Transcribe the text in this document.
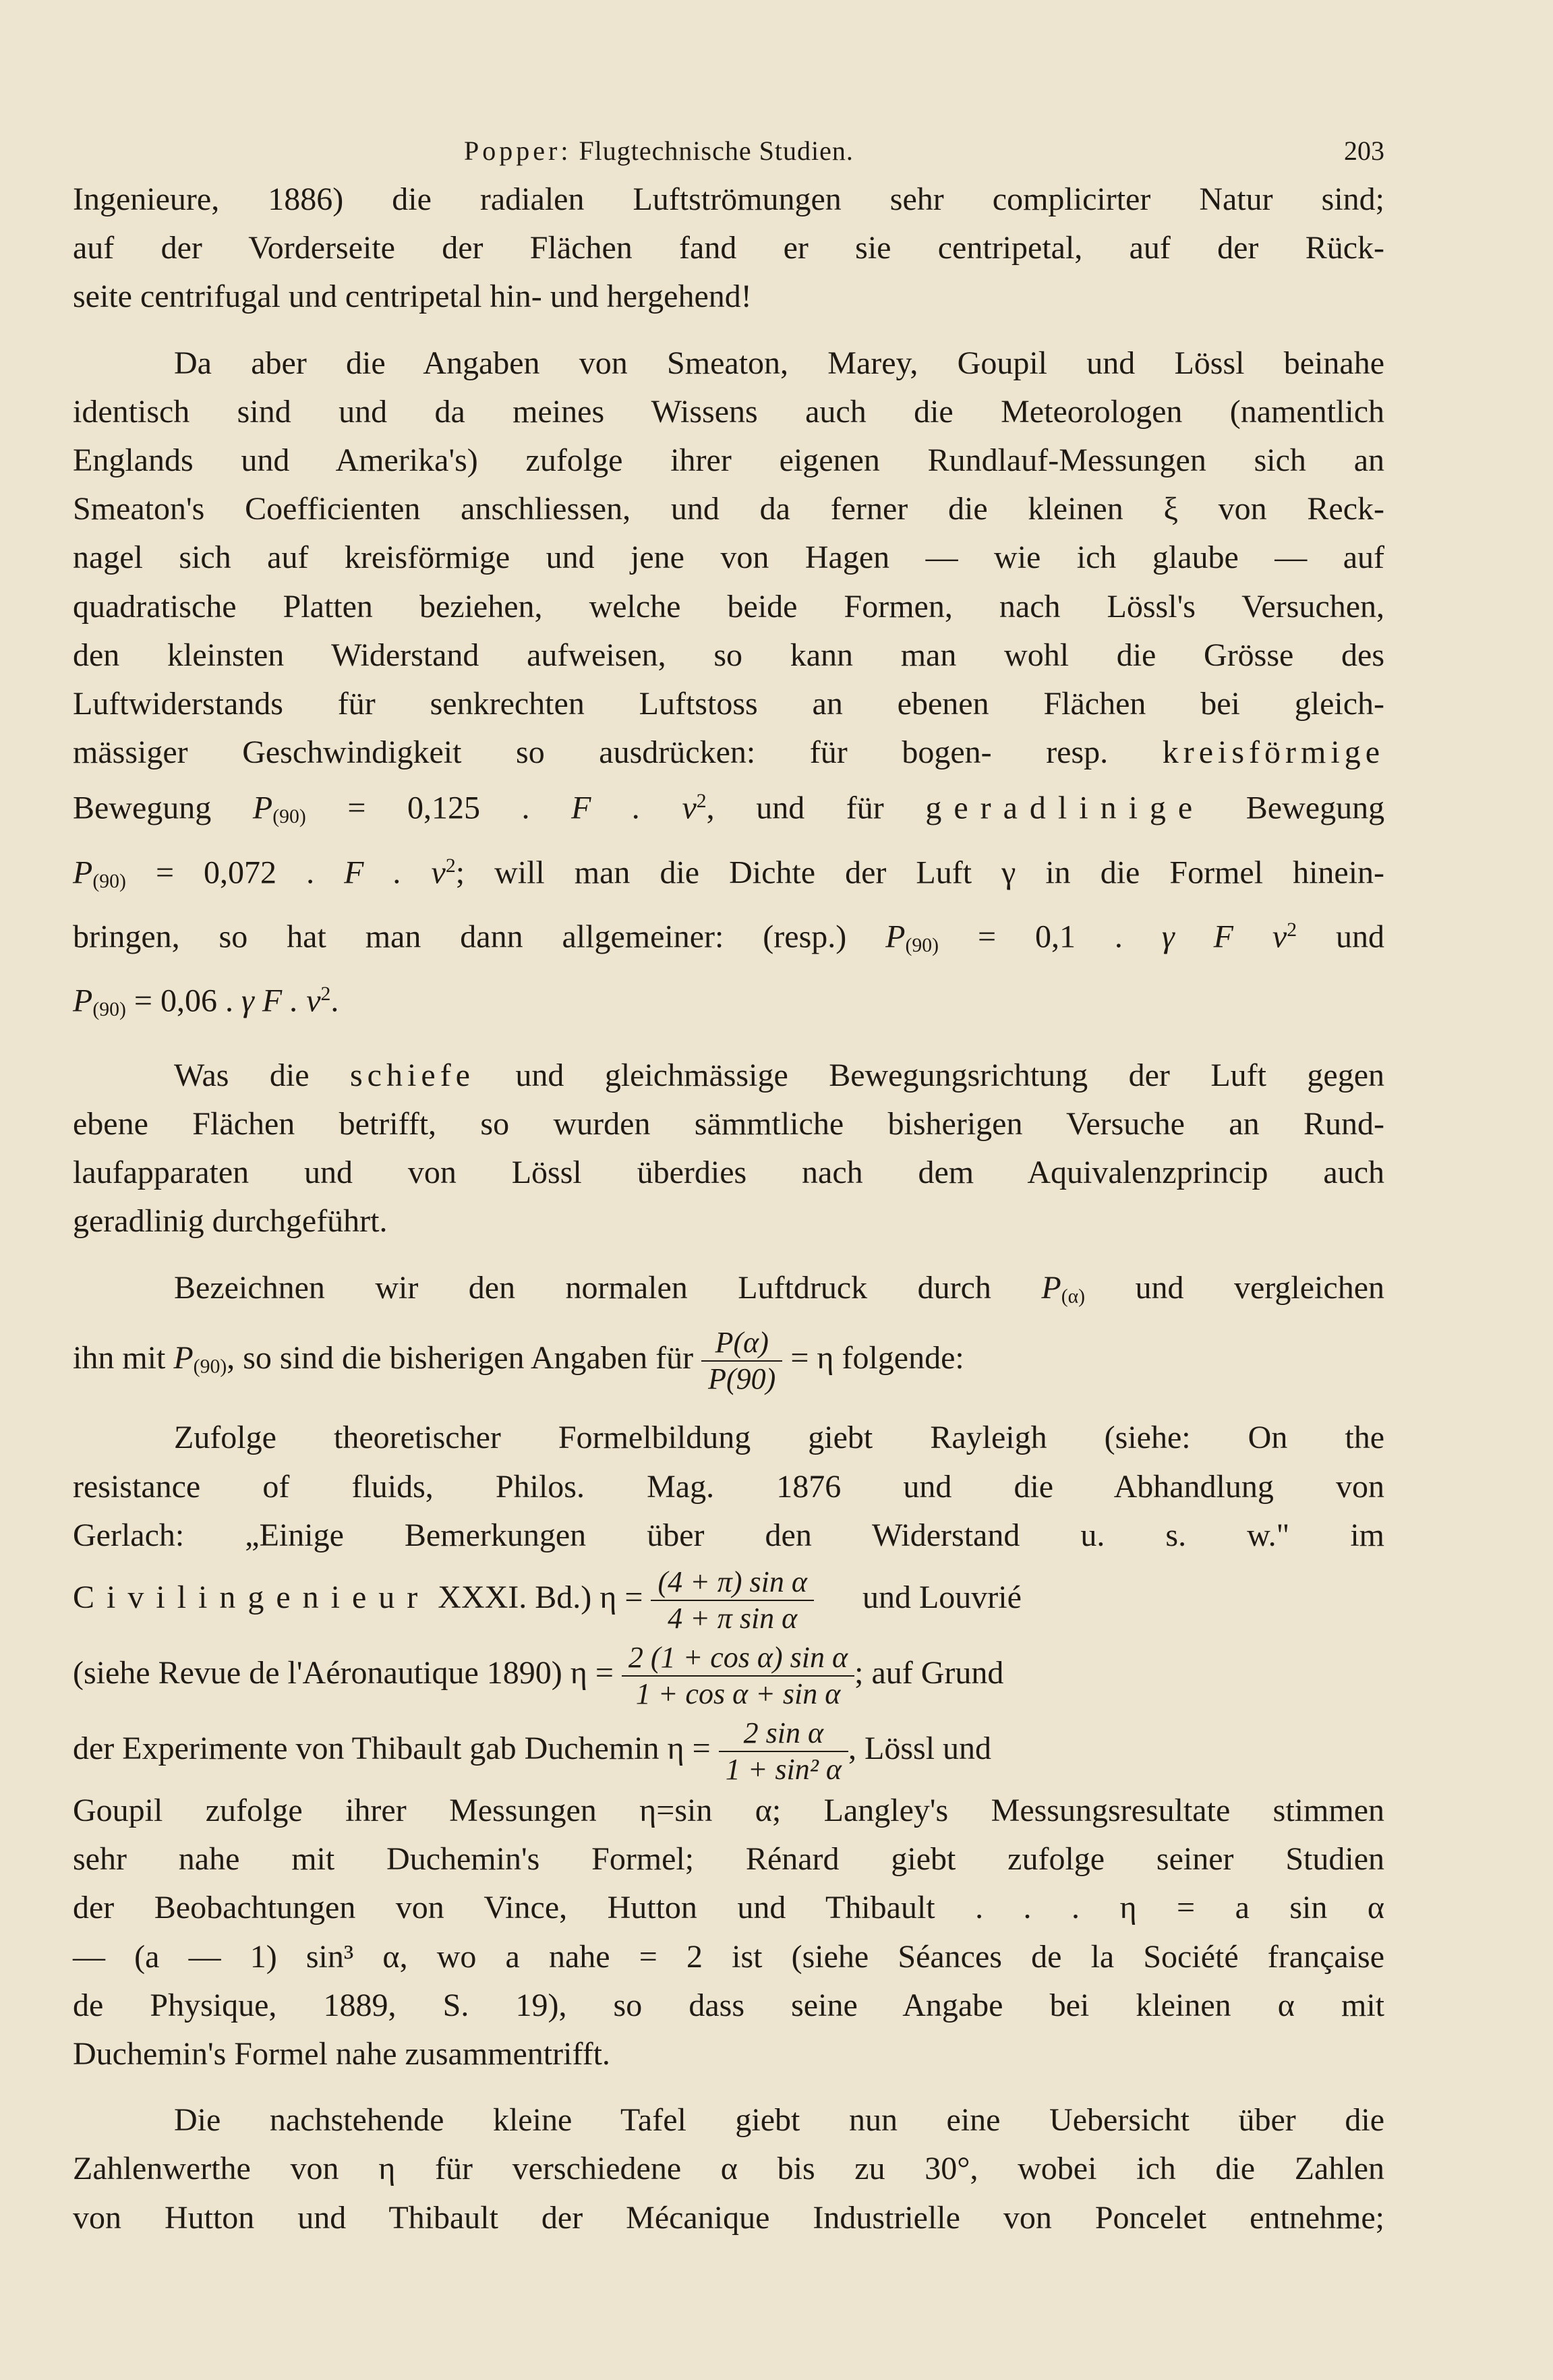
Popper: Flugtechnische Studien.	203
Ingenieure, 1886) die radialen Luftströmungen sehr complicirter Natur sind;
auf der Vorderseite der Flächen fand er sie centripetal, auf der Rück-
seite centrifugal und centripetal hin- und hergehend!
Da aber die Angaben von Smeaton, Marey, Goupil und Lössl beinahe
identisch sind und da meines Wissens auch die Meteorologen (namentlich
Englands und Amerika's) zufolge ihrer eigenen Rundlauf-Messungen sich an
Smeaton's Coefficienten anschliessen, und da ferner die kleinen ξ von Reck-
nagel sich auf kreisförmige und jene von Hagen — wie ich glaube — auf
quadratische Platten beziehen, welche beide Formen, nach Lössl's Versuchen,
den kleinsten Widerstand aufweisen, so kann man wohl die Grösse des
Luftwiderstands für senkrechten Luftstoss an ebenen Flächen bei gleich-
mässiger Geschwindigkeit so ausdrücken: für bogen- resp. kreisförmige
Bewegung $P_{(90)} = 0,125$ . F . $v^2$, und für geradlinige Bewegung
$P_{(90)} = 0,072$ . F . $v^2$; will man die Dichte der Luft γ in die Formel hinein-
bringen, so hat man dann allgemeiner: (resp.) $P_{(90)} = 0,1$ . γ F $v^2$ und
$P_{(90)} = 0,06$ . γ F . $v^2$.
Was die schiefe und gleichmässige Bewegungsrichtung der Luft gegen
ebene Flächen betrifft, so wurden sämmtliche bisherigen Versuche an Rund-
laufapparaten und von Lössl überdies nach dem Aquivalenzprincip auch
geradlinig durchgeführt.
Bezeichnen wir den normalen Luftdruck durch $P_{(\alpha)}$ und vergleichen
ihn mit $P_{(90)}$, so sind die bisherigen Angaben für $\frac{P(\alpha)}{P(90)} = \eta$ folgende:
Zufolge theoretischer Formelbildung giebt Rayleigh (siehe: On the
resistance of fluids, Philos. Mag. 1876 und die Abhandlung von
Gerlach: „Einige Bemerkungen über den Widerstand u. s. w." im
Civilingenieur XXXI. Bd.) $\eta = \frac{\text{(4 + π) sin α}}{\text{4 + π sin α}}$ und Louvrié
(siehe Revue de l'Aéronautique 1890) $\eta = \frac{\text{2 (1 + cos α) sin α}}{\text{1 + cos α + sin α}}$ ; auf Grund
der Experimente von Thibault gab Duchemin $\eta = \frac{\text{2 sin α}}{\text{1 + sin² α}}$ , Lössl und
Goupil zufolge ihrer Messungen η=sin α; Langley's Messungsresultate stimmen
sehr nahe mit Duchemin's Formel; Rénard giebt zufolge seiner Studien
der Beobachtungen von Vince, Hutton und Thibault . . . η = a sin α
— (a — 1) sin³ α, wo a nahe = 2 ist (siehe Séances de la Société française
de Physique, 1889, S. 19), so dass seine Angabe bei kleinen α mit
Duchemin's Formel nahe zusammentrifft.
Die nachstehende kleine Tafel giebt nun eine Uebersicht über die
Zahlenwerthe von η für verschiedene α bis zu 30°, wobei ich die Zahlen
von Hutton und Thibault der Mécanique Industrielle von Poncelet entnehme;
